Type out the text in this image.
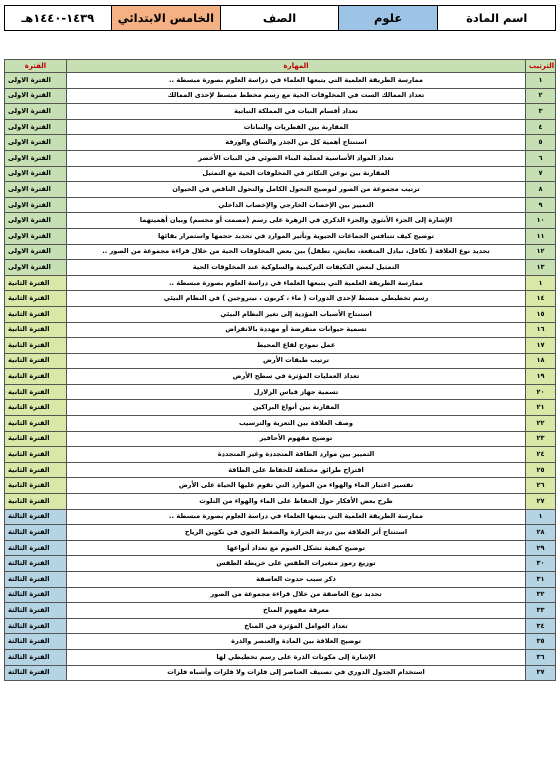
اسم المادة
علوم
الصف
الخامس الابتدائي
١٤٣٩-١٤٤٠هـ
الفترة	المهارة	الترتيب
الفترة الاولى	ممارسة الطريقة العلمية التي يتبعها العلماء في دراسة العلوم بصورة مبسطة ..	١
الفترة الاولى	تعداد الممالك الست في المخلوقات الحية مع رسم مخطط مبسط لإحدى الممالك	٢
الفترة الاولى	تعداد أقسام النبات في المملكة النباتية	٣
الفترة الاولى	المقارنة بين الفطريات والنباتات	٤
الفترة الاولى	استنتاج أهمية كل من الجذر والساق والورقة	٥
الفترة الاولى	تعداد المواد الأساسية لعملية البناء الضوئي في النبات الأخضر	٦
الفترة الاولى	المقارنة بين نوعي التكاثر في المخلوقات الحية مع التمثيل	٧
الفترة الاولى	ترتيب مجموعة من الصور لتوضيح التحول الكامل والتحول الناقص في الحيوان	٨
الفترة الاولى	التمييز بين الإخصاب الخارجي والإخصاب الداخلي	٩
الفترة الاولى	الإشارة إلى الجزء الأنثوي والجزء الذكري في الزهرة على رسم (مصمت أو مجسم) وبيان أهميتهما	١٠
الفترة الاولى	توضيح كيف تتنافس الجماعات الحيوية وتأثير الموارد في تحديد حجمها واستمرار بقائها	١١
الفترة الاولى	تحديد نوع العلاقة ( تكافل، تبادل المنفعة، تعايش، تطفل) بين بعض المخلوقات الحية من خلال قراءة مجموعة من الصور ..	١٢
الفترة الاولى	التمثيل لبعض التكيفات التركيبية والسلوكية عند المخلوقات الحية	١٣
الفترة الثانية	ممارسة الطريقة العلمية التي يتبعها العلماء في دراسة العلوم بصورة مبسطة ..	١
الفترة الثانية	رسم تخطيطي مبسط لإحدى الدورات ( ماء ، كربون ، نيتروجين ) في النظام البيئي	١٤
الفترة الثانية	استنتاج الأسباب المؤدية إلى تغير النظام البيئي	١٥
الفترة الثانية	تسمية حيوانات منقرضة أو مهددة بالانقراض	١٦
الفترة الثانية	عمل نموذج لقاع المحيط	١٧
الفترة الثانية	ترتيب طبقات الأرض	١٨
الفترة الثانية	تعداد العمليات المؤثرة في سطح الأرض	١٩
الفترة الثانية	تسمية جهاز قياس الزلازل	٢٠
الفترة الثانية	المقارنة بين أنواع البراكين	٢١
الفترة الثانية	وصف العلاقة بين التعرية والترسيب	٢٢
الفترة الثانية	توضيح مفهوم الأحافير	٢٣
الفترة الثانية	التمييز بين موارد الطاقة المتجددة وغير المتجددة	٢٤
الفترة الثانية	اقتراح طرائق مختلفة للحفاظ على الطاقة	٢٥
الفترة الثانية	تفسير اعتبار الماء والهواء من الموارد التي تقوم عليها الحياة على الأرض	٢٦
الفترة الثانية	طرح بعض الأفكار حول الحفاظ على الماء والهواء من التلوث	٢٧
الفترة الثالثة	ممارسة الطريقة العلمية التي يتبعها العلماء في دراسة العلوم بصورة مبسطة ..	١
الفترة الثالثة	استنتاج أثر العلاقة بين درجة الحرارة والضغط الجوي في تكوين الرياح	٢٨
الفترة الثالثة	توضيح كيفية تشكل الغيوم مع تعداد أنواعها	٢٩
الفترة الثالثة	توزيع رموز متغيرات الطقس على خريطة الطقس	٣٠
الفترة الثالثة	ذكر سبب حدوث العاصفة	٣١
الفترة الثالثة	تحديد نوع العاصفة من خلال قراءة مجموعة من الصور	٣٢
الفترة الثالثة	معرفة مفهوم المناخ	٣٣
الفترة الثالثة	تعداد العوامل المؤثرة في المناخ	٣٤
الفترة الثالثة	توضيح العلاقة بين المادة والعنصر والذرة	٣٥
الفترة الثالثة	الإشارة إلى مكونات الذرة على رسم تخطيطي لها	٣٦
الفترة الثالثة	استخدام الجدول الدوري في تصنيف العناصر إلى فلزات ولا فلزات وأشباه فلزات	٣٧
